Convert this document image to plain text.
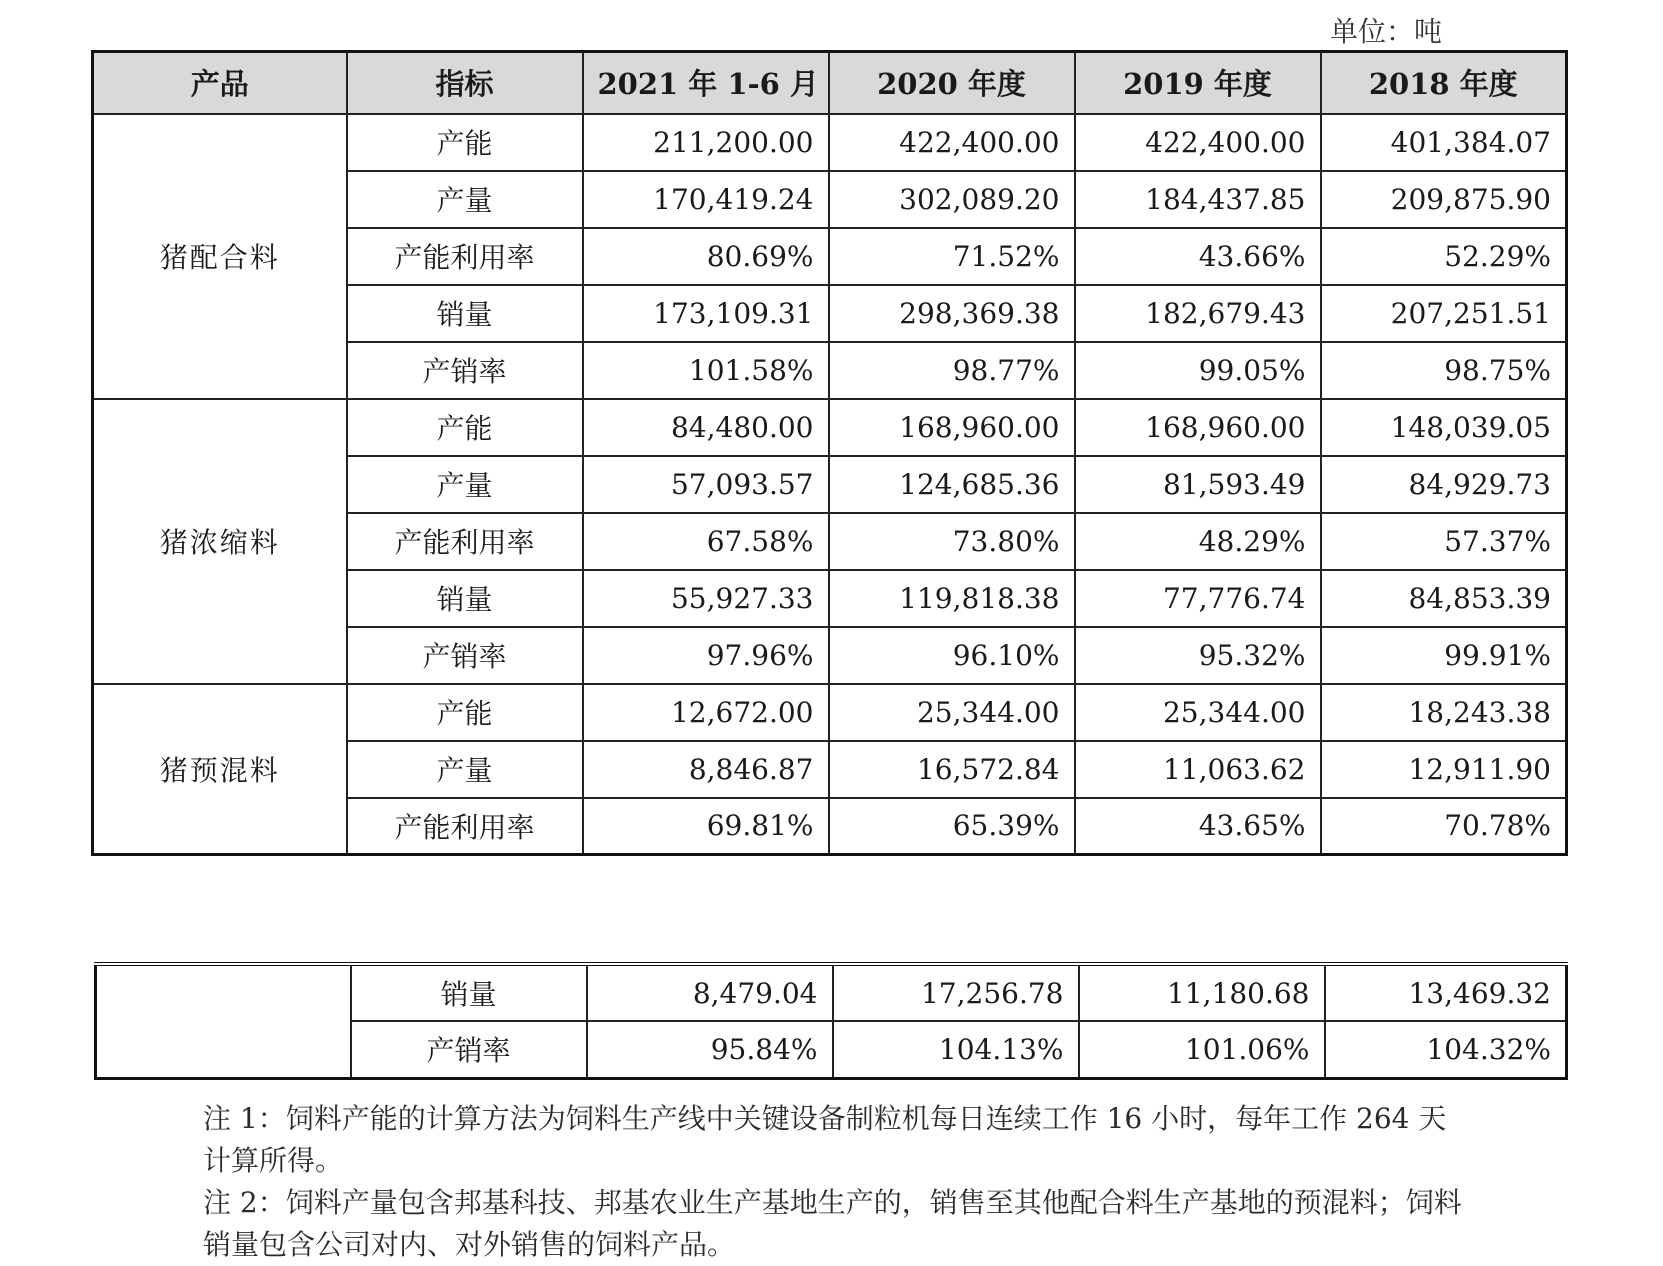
单位：吨
产品	指标	2021 年 1-6 月	2020 年度	2019 年度	2018 年度
猪配合料	产能	211,200.00	422,400.00	422,400.00	401,384.07
	产量	170,419.24	302,089.20	184,437.85	209,875.90
	产能利用率	80.69%	71.52%	43.66%	52.29%
	销量	173,109.31	298,369.38	182,679.43	207,251.51
	产销率	101.58%	98.77%	99.05%	98.75%
猪浓缩料	产能	84,480.00	168,960.00	168,960.00	148,039.05
	产量	57,093.57	124,685.36	81,593.49	84,929.73
	产能利用率	67.58%	73.80%	48.29%	57.37%
	销量	55,927.33	119,818.38	77,776.74	84,853.39
	产销率	97.96%	96.10%	95.32%	99.91%
猪预混料	产能	12,672.00	25,344.00	25,344.00	18,243.38
	产量	8,846.87	16,572.84	11,063.62	12,911.90
	产能利用率	69.81%	65.39%	43.65%	70.78%
	销量	8,479.04	17,256.78	11,180.68	13,469.32
	产销率	95.84%	104.13%	101.06%	104.32%

注 1：饲料产能的计算方法为饲料生产线中关键设备制粒机每日连续工作 16 小时，每年工作 264 天计算所得。

注 2：饲料产量包含邦基科技、邦基农业生产基地生产的，销售至其他配合料生产基地的预混料；饲料销量包含公司对内、对外销售的饲料产品。
